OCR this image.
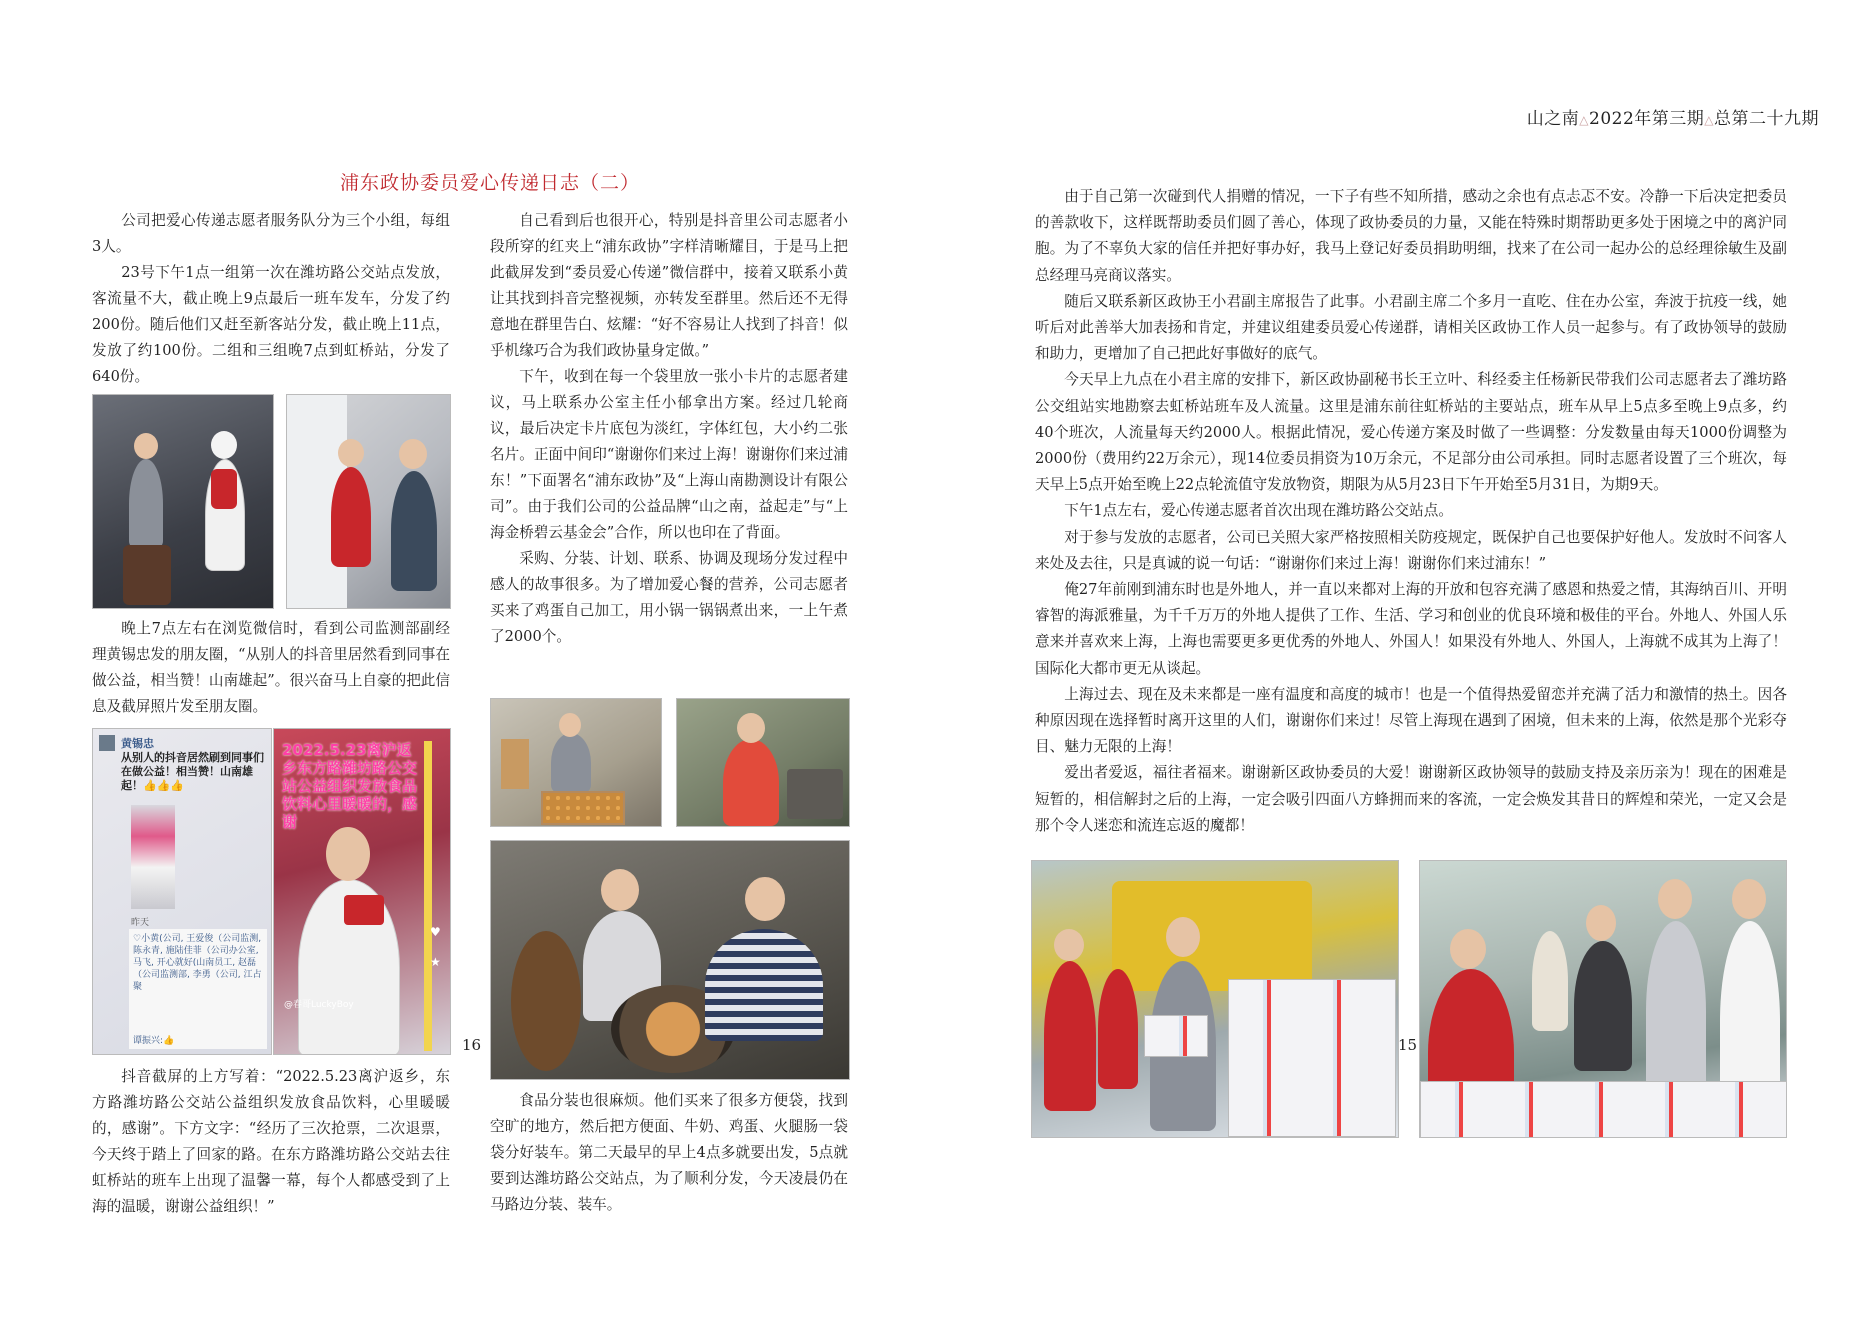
浦东政协委员爱心传递日志（二）

公司把爱心传递志愿者服务队分为三个小组，每组3人。

23号下午1点一组第一次在潍坊路公交站点发放，客流量不大，截止晚上9点最后一班车发车，分发了约200份。随后他们又赶至新客站分发，截止晚上11点，发放了约100份。二组和三组晚7点到虹桥站，分发了640份。

晚上7点左右在浏览微信时，看到公司监测部副经理黄锡忠发的朋友圈，“从别人的抖音里居然看到同事在做公益，相当赞！山南雄起”。很兴奋马上自豪的把此信息及截屏照片发至朋友圈。

黄锡忠
从别人的抖音居然刷到同事们在做公益！相当赞！山南雄起！👍👍👍
昨天
♡小黄(公司, 王爱俊（公司监测, 陈永青, 施陆佳菲（公司办公室, 马飞, 开心就好(山南员工, 赵磊（公司监测部, 李勇（公司, 江占聚
谭振兴:👍
2022.5.23离沪返乡东方路潍坊路公交站公益组织发放食品饮料心里暖暖的，感谢
@春哥LuckyBoy
♥
★

抖音截屏的上方写着：“2022.5.23离沪返乡，东方路潍坊路公交站公益组织发放食品饮料，心里暖暖的，感谢”。下方文字：“经历了三次抢票，二次退票，今天终于踏上了回家的路。在东方路潍坊路公交站去往虹桥站的班车上出现了温馨一幕，每个人都感受到了上海的温暖，谢谢公益组织！”

自己看到后也很开心，特别是抖音里公司志愿者小段所穿的红夹上“浦东政协”字样清晰耀目，于是马上把此截屏发到“委员爱心传递”微信群中，接着又联系小黄让其找到抖音完整视频，亦转发至群里。然后还不无得意地在群里告白、炫耀：“好不容易让人找到了抖音！似乎机缘巧合为我们政协量身定做。”

下午，收到在每一个袋里放一张小卡片的志愿者建议，马上联系办公室主任小郁拿出方案。经过几轮商议，最后决定卡片底包为淡红，字体红包，大小约二张名片。正面中间印“谢谢你们来过上海！谢谢你们来过浦东！”下面署名“浦东政协”及“上海山南勘测设计有限公司”。由于我们公司的公益品牌“山之南，益起走”与“上海金桥碧云基金会”合作，所以也印在了背面。

采购、分装、计划、联系、协调及现场分发过程中感人的故事很多。为了增加爱心餐的营养，公司志愿者买来了鸡蛋自己加工，用小锅一锅锅煮出来，一上午煮了2000个。

食品分装也很麻烦。他们买来了很多方便袋，找到空旷的地方，然后把方便面、牛奶、鸡蛋、火腿肠一袋袋分好装车。第二天最早的早上4点多就要出发，5点就要到达潍坊路公交站点，为了顺利分发，今天凌晨仍在马路边分装、装车。

16
山之南△2022年第三期△总第二十九期

由于自己第一次碰到代人捐赠的情况，一下子有些不知所措，感动之余也有点忐忑不安。冷静一下后决定把委员的善款收下，这样既帮助委员们圆了善心，体现了政协委员的力量，又能在特殊时期帮助更多处于困境之中的离沪同胞。为了不辜负大家的信任并把好事办好，我马上登记好委员捐助明细，找来了在公司一起办公的总经理徐敏生及副总经理马亮商议落实。

随后又联系新区政协王小君副主席报告了此事。小君副主席二个多月一直吃、住在办公室，奔波于抗疫一线，她听后对此善举大加表扬和肯定，并建议组建委员爱心传递群，请相关区政协工作人员一起参与。有了政协领导的鼓励和助力，更增加了自己把此好事做好的底气。

今天早上九点在小君主席的安排下，新区政协副秘书长王立叶、科经委主任杨新民带我们公司志愿者去了潍坊路公交组站实地勘察去虹桥站班车及人流量。这里是浦东前往虹桥站的主要站点，班车从早上5点多至晚上9点多，约40个班次，人流量每天约2000人。根据此情况，爱心传递方案及时做了一些调整：分发数量由每天1000份调整为2000份（费用约22万余元），现14位委员捐资为10万余元，不足部分由公司承担。同时志愿者设置了三个班次，每天早上5点开始至晚上22点轮流值守发放物资，期限为从5月23日下午开始至5月31日，为期9天。

下午1点左右，爱心传递志愿者首次出现在潍坊路公交站点。

对于参与发放的志愿者，公司已关照大家严格按照相关防疫规定，既保护自己也要保护好他人。发放时不问客人来处及去往，只是真诚的说一句话：“谢谢你们来过上海！谢谢你们来过浦东！”

俺27年前刚到浦东时也是外地人，并一直以来都对上海的开放和包容充满了感恩和热爱之情，其海纳百川、开明睿智的海派雅量，为千千万万的外地人提供了工作、生活、学习和创业的优良环境和极佳的平台。外地人、外国人乐意来并喜欢来上海，上海也需要更多更优秀的外地人、外国人！如果没有外地人、外国人，上海就不成其为上海了！国际化大都市更无从谈起。

上海过去、现在及未来都是一座有温度和高度的城市！也是一个值得热爱留恋并充满了活力和激情的热土。因各种原因现在选择暂时离开这里的人们，谢谢你们来过！尽管上海现在遇到了困境，但未来的上海，依然是那个光彩夺目、魅力无限的上海！

爱出者爱返，福往者福来。谢谢新区政协委员的大爱！谢谢新区政协领导的鼓励支持及亲历亲为！现在的困难是短暂的，相信解封之后的上海，一定会吸引四面八方蜂拥而来的客流，一定会焕发其昔日的辉煌和荣光，一定又会是那个令人迷恋和流连忘返的魔都！

15
